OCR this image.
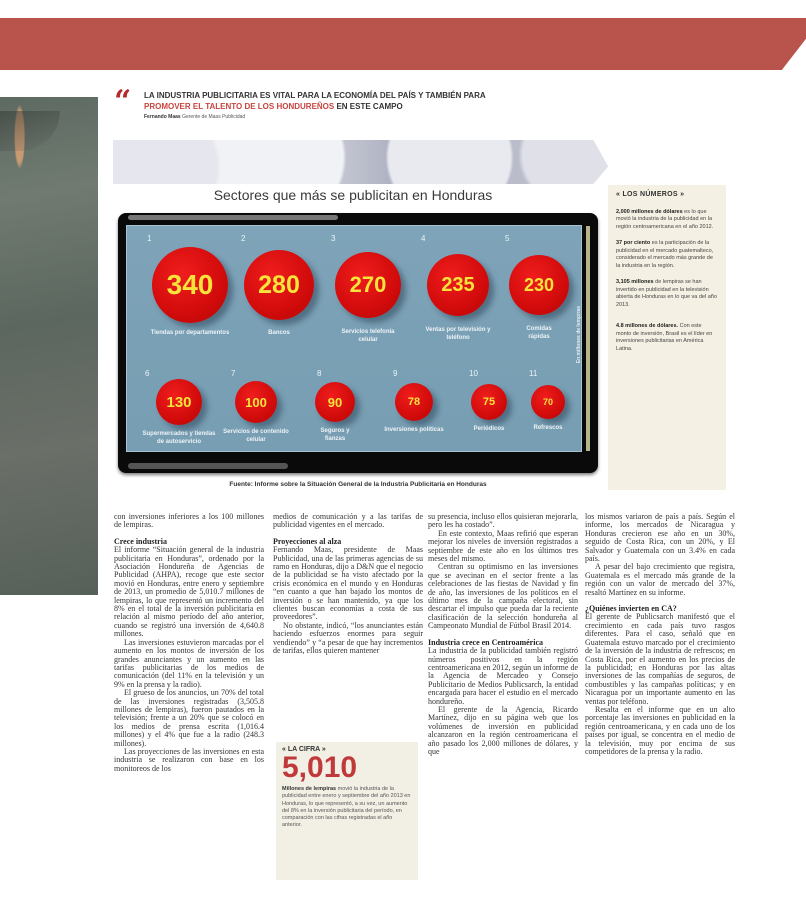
“ LA INDUSTRIA PUBLICITARIA ES VITAL PARA LA ECONOMÍA DEL PAÍS Y TAMBIÉN PARA PROMOVER EL TALENTO DE LOS HONDUREÑOS EN ESTE CAMPO
Fernando Maas Gerente de Maas Publicidad
Sectores que más se publicitan en Honduras
En millones de lempiras
1
340
Tiendas por departamentos
2
280
Bancos
3
270
Servicios telefonía celular
4
235
Ventas por televisión y teléfono
5
230
Comidas rápidas
6
130
Supermercados y tiendas de autoservicio
7
100
Servicios de contenido celular
8
90
Seguros y fianzas
9
78
Inversiones políticas
10
75
Periódicos
11
70
Refrescos
Fuente: Informe sobre la Situación General de la Industria Publicitaria en Honduras
« LOS NÚMEROS »

2,000 millones de dólares es lo que movió la industria de la publicidad en la región centroamericana en el año 2012.

37 por ciento es la participación de la publicidad en el mercado guatemalteco, considerado el mercado más grande de la industria en la región.

3,105 millones de lempiras se han invertido en publicidad en la televisión abierta de Honduras en lo que va del año 2013.

4.8 millones de dólares. Con este monto de inversión, Brasil es el líder en inversiones publicitarias en América Latina.

con inversiones inferiores a los 100 millones de lempiras.

Crece industria

El informe “Situación general de la industria publicitaria en Honduras”, ordenado por la Asociación Hondureña de Agencias de Publicidad (AHPA), recoge que este sector movió en Honduras, entre enero y septiembre de 2013, un promedio de 5,010.7 millones de lempiras, lo que representó un incremento del 8% en el total de la inversión publicitaria en relación al mismo período del año anterior, cuando se registró una inversión de 4,640.8 millones.

Las inversiones estuvieron marcadas por el aumento en los montos de inversión de los grandes anunciantes y un aumento en las tarifas publicitarias de los medios de comunicación (del 11% en la televisión y un 9% en la prensa y la radio).

El grueso de los anuncios, un 70% del total de las inversiones registradas (3,505.8 millones de lempiras), fueron pautados en la televisión; frente a un 20% que se colocó en los medios de prensa escrita (1,016.4 millones) y el 4% que fue a la radio (248.3 millones).

Las proyecciones de las inversiones en esta industria se realizaron con base en los monitoreos de los

medios de comunicación y a las tarifas de publicidad vigentes en el mercado.

Proyecciones al alza

Fernando Maas, presidente de Maas Publicidad, una de las primeras agencias de su ramo en Honduras, dijo a D&N que el negocio de la publicidad se ha visto afectado por la crisis económica en el mundo y en Honduras “en cuanto a que han bajado los montos de inversión o se han mantenido, ya que los clientes buscan economías a costa de sus proveedores”.

No obstante, indicó, “los anunciantes están haciendo esfuerzos enormes para seguir vendiendo” y “a pesar de que hay incrementos de tarifas, ellos quieren mantener

« LA CIFRA »
5,010

Millones de lempiras movió la industria de la publicidad entre enero y septiembre del año 2013 en Honduras, lo que representó, a su vez, un aumento del 8% en la inversión publicitaria del período, en comparación con las cifras registradas el año anterior.

su presencia, incluso ellos quisieran mejorarla, pero les ha costado”.

En este contexto, Maas refirió que esperan mejorar los niveles de inversión registrados a septiembre de este año en los últimos tres meses del mismo.

Centran su optimismo en las inversiones que se avecinan en el sector frente a las celebraciones de las fiestas de Navidad y fin de año, las inversiones de los políticos en el último mes de la campaña electoral, sin descartar el impulso que pueda dar la reciente clasificación de la selección hondureña al Campeonato Mundial de Fútbol Brasil 2014.

Industria crece en Centroamérica

La industria de la publicidad también registró números positivos en la región centroamericana en 2012, según un informe de la Agencia de Mercadeo y Consejo Publicitario de Medios Publicsarch, la entidad encargada para hacer el estudio en el mercado hondureño.

El gerente de la Agencia, Ricardo Martínez, dijo en su página web que los volúmenes de inversión en publicidad alcanzaron en la región centroamericana el año pasado los 2,000 millones de dólares, y que

los mismos variaron de país a país. Según el informe, los mercados de Nicaragua y Honduras crecieron ese año en un 30%, seguido de Costa Rica, con un 20%, y El Salvador y Guatemala con un 3.4% en cada país.

A pesar del bajo crecimiento que registra, Guatemala es el mercado más grande de la región con un valor de mercado del 37%, resaltó Martínez en su informe.

¿Quiénes invierten en CA?

El gerente de Publicsarch manifestó que el crecimiento en cada país tuvo rasgos diferentes. Para el caso, señaló que en Guatemala estuvo marcado por el crecimiento de la inversión de la industria de refrescos; en Costa Rica, por el aumento en los precios de la publicidad; en Honduras por las altas inversiones de las compañías de seguros, de combustibles y las campañas políticas; y en Nicaragua por un importante aumento en las ventas por teléfono.

Resalta en el informe que en un alto porcentaje las inversiones en publicidad en la región centroamericana, y en cada uno de los países por igual, se concentra en el medio de la televisión, muy por encima de sus competidores de la prensa y la radio.
